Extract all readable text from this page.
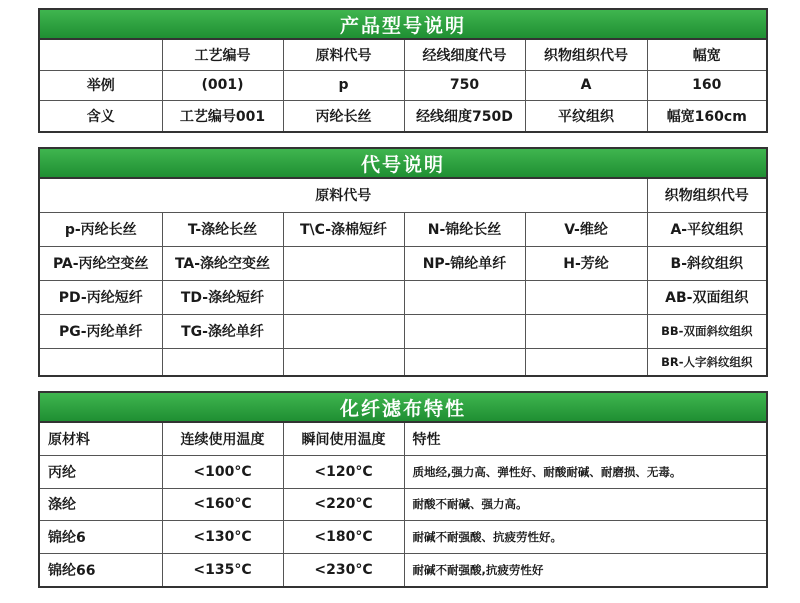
产品型号说明
	工艺编号	原料代号	经线细度代号	织物组织代号	幅宽
举例	(001)	p	750	A	160
含义	工艺编号001	丙纶长丝	经线细度750D	平纹组织	幅宽160cm
代号说明
原料代号					织物组织代号
p-丙纶长丝	T-涤纶长丝	T\C-涤棉短纤	N-锦纶长丝	V-维纶	A-平纹组织
PA-丙纶空变丝	TA-涤纶空变丝		NP-锦纶单纤	H-芳纶	B-斜纹组织
PD-丙纶短纤	TD-涤纶短纤				AB-双面组织
PG-丙纶单纤	TG-涤纶单纤				BB-双面斜纹组织
					BR-人字斜纹组织
化纤滤布特性
原材料	连续使用温度	瞬间使用温度	特性
丙纶	<100°C	<120°C	质地经,强力高、弹性好、耐酸耐碱、耐磨损、无毒。
涤纶	<160°C	<220°C	耐酸不耐碱、强力高。
锦纶6	<130°C	<180°C	耐碱不耐强酸、抗疲劳性好。
锦纶66	<135°C	<230°C	耐碱不耐强酸,抗疲劳性好
